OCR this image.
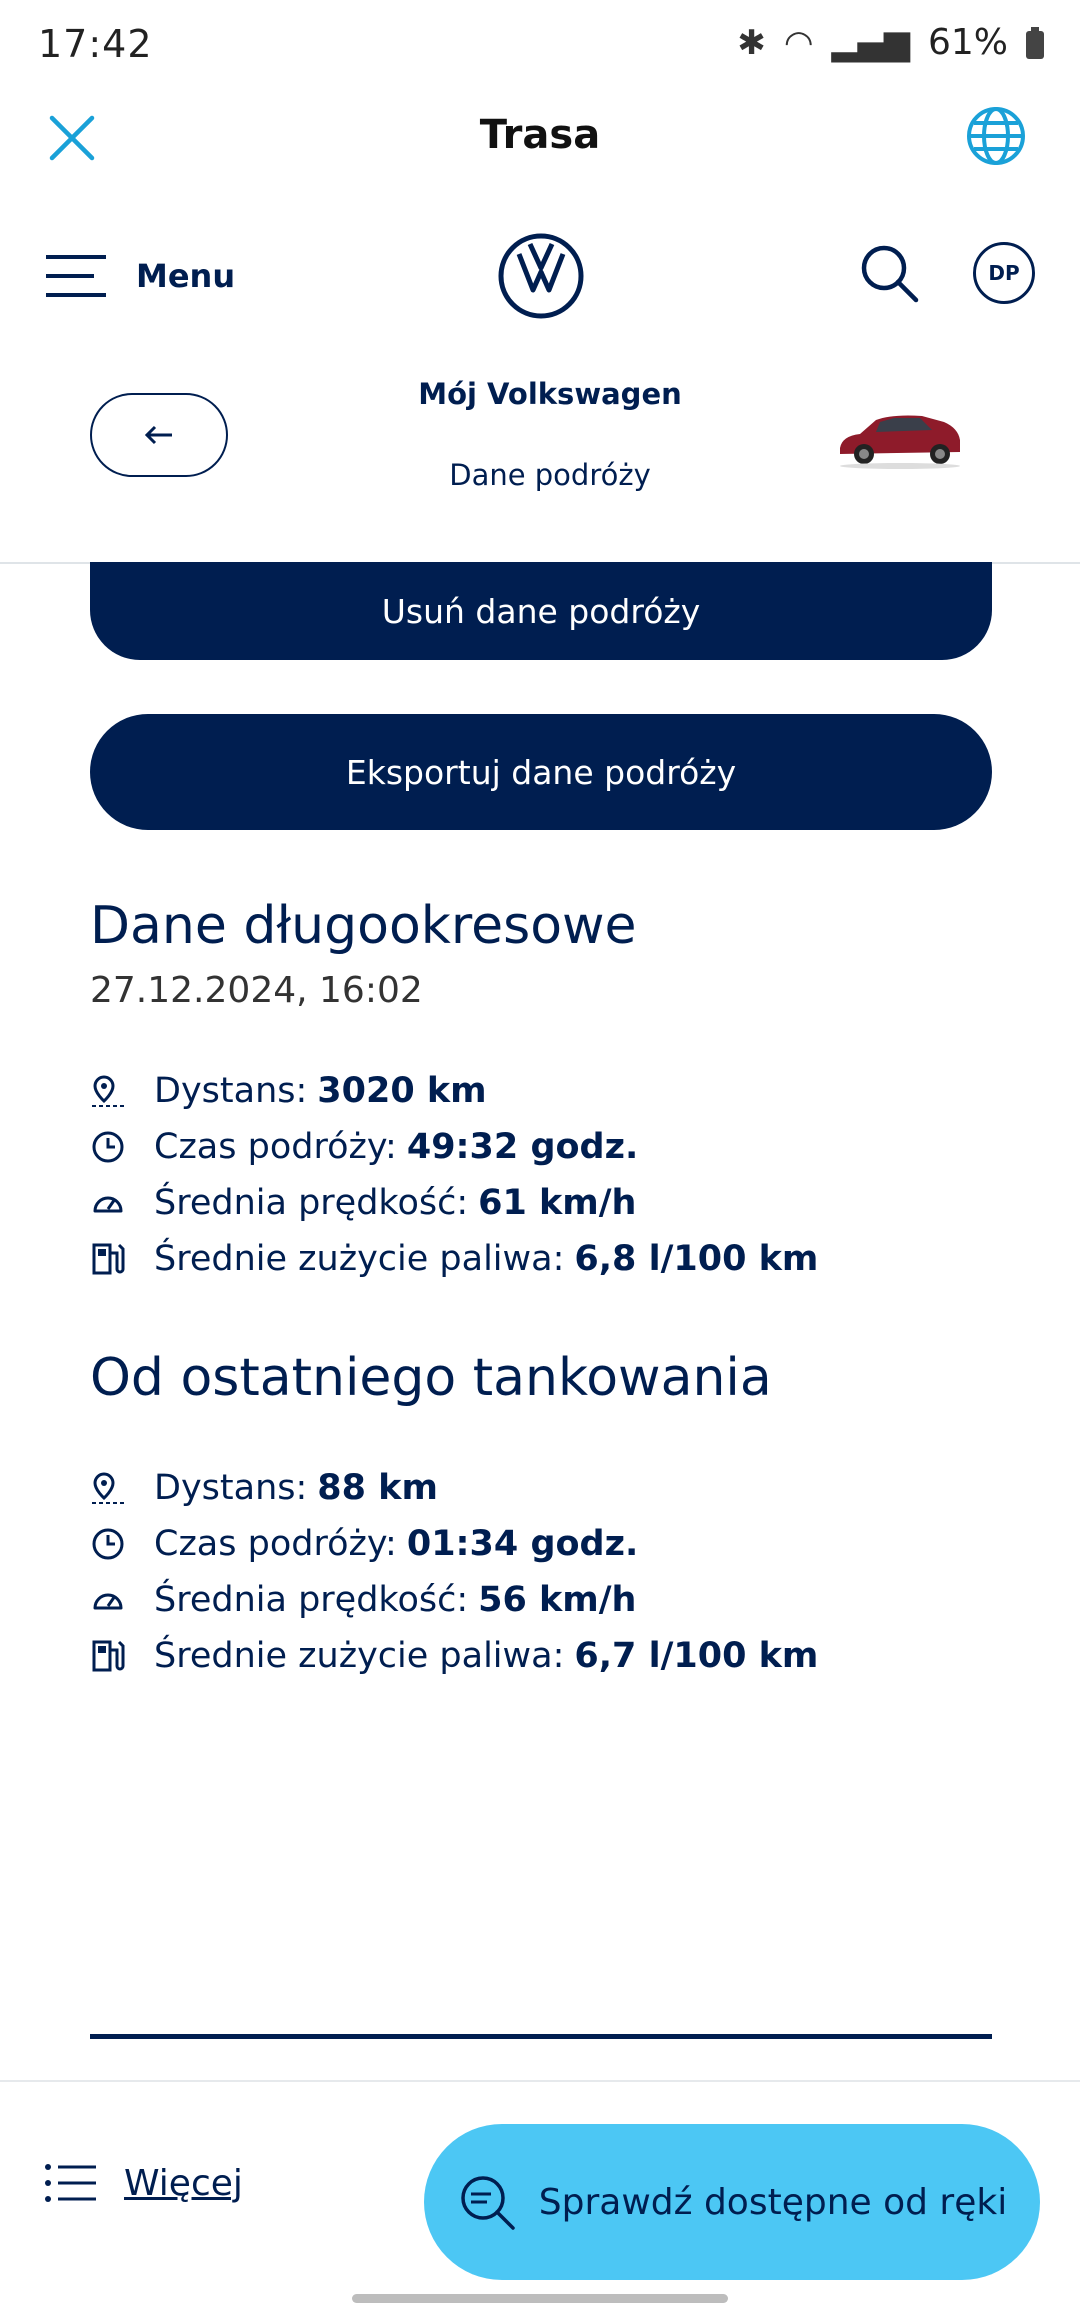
17:42	✱ ◠ ▂▄▆ 61%
Trasa
Menu	DP
Mój Volkswagen
Dane podróży
Usuń dane podróży
Eksportuj dane podróży
Dane długookresowe
27.12.2024, 16:02
Dystans: 3020 km
Czas podróży: 49:32 godz.
Średnia prędkość: 61 km/h
Średnie zużycie paliwa: 6,8 l/100 km
Od ostatniego tankowania
Dystans: 88 km
Czas podróży: 01:34 godz.
Średnia prędkość: 56 km/h
Średnie zużycie paliwa: 6,7 l/100 km
Więcej	Sprawdź dostępne od ręki
